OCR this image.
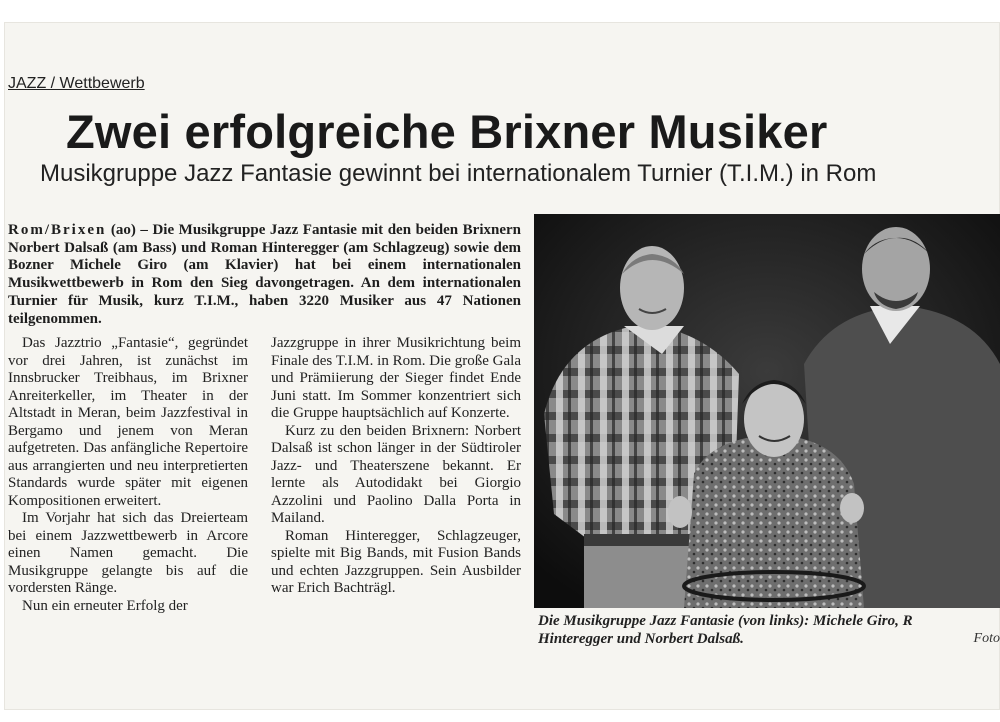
JAZZ / Wettbewerb
Zwei erfolgreiche Brixner Musiker
Musikgruppe Jazz Fantasie gewinnt bei internationalem Turnier (T.I.M.) in Rom
Rom/Brixen (ao) – Die Musikgruppe Jazz Fantasie mit den beiden Brixnern Norbert Dalsaß (am Bass) und Roman Hinteregger (am Schlagzeug) sowie dem Bozner Michele Giro (am Klavier) hat bei einem internationalen Musikwettbewerb in Rom den Sieg davongetragen. An dem internationalen Turnier für Musik, kurz T.I.M., haben 3220 Musiker aus 47 Nationen teilgenommen.

Das Jazztrio „Fantasie“, gegründet vor drei Jahren, ist zunächst im Innsbrucker Treibhaus, im Brixner Anreiterkeller, im Theater in der Altstadt in Meran, beim Jazzfestival in Bergamo und jenem von Meran aufgetreten. Das anfängliche Repertoire aus arrangierten und neu interpretierten Standards wurde später mit eigenen Kompositionen erweitert.

Im Vorjahr hat sich das Dreierteam bei einem Jazzwettbewerb in Arcore einen Namen gemacht. Die Musikgruppe gelangte bis auf die vordersten Ränge.

Nun ein erneuter Erfolg der

Jazzgruppe in ihrer Musikrichtung beim Finale des T.I.M. in Rom. Die große Gala und Prämiierung der Sieger findet Ende Juni statt. Im Sommer konzentriert sich die Gruppe hauptsächlich auf Konzerte.

Kurz zu den beiden Brixnern: Norbert Dalsaß ist schon länger in der Südtiroler Jazz- und Theaterszene bekannt. Er lernte als Autodidakt bei Giorgio Azzolini und Paolino Dalla Porta in Mailand.

Roman Hinteregger, Schlagzeuger, spielte mit Big Bands, mit Fusion Bands und echten Jazzgruppen. Sein Ausbilder war Erich Bachträgl.

Die Musikgruppe Jazz Fantasie (von links): Michele Giro, R
Hinteregger und Norbert Dalsaß.	Foto
